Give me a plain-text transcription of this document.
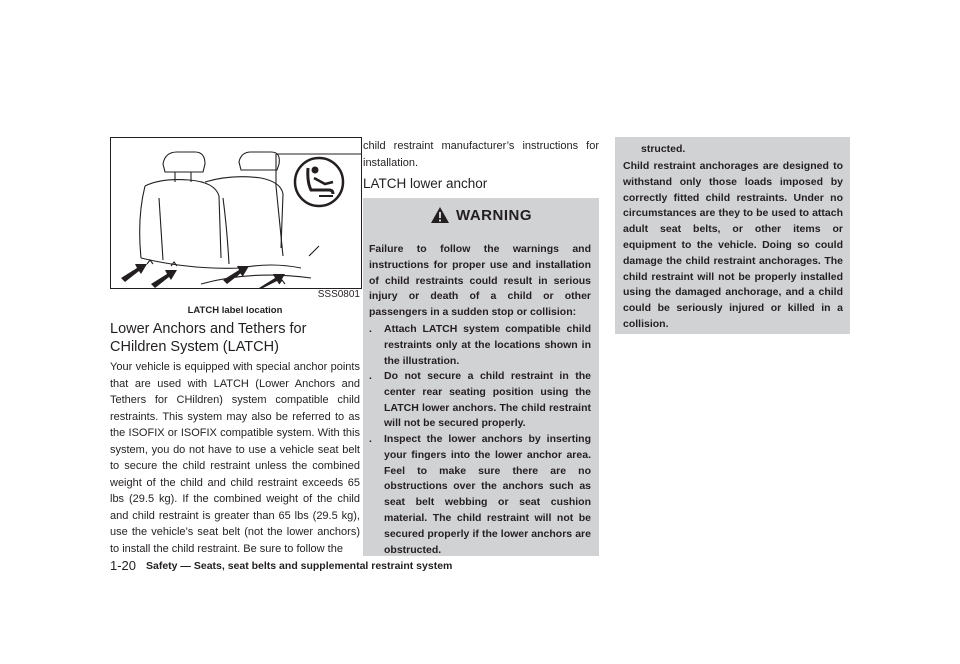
SSS0801
LATCH label location
Lower Anchors and Tethers for CHildren System (LATCH)
Your vehicle is equipped with special anchor points that are used with LATCH (Lower Anchors and Tethers for CHildren) system compatible child restraints. This system may also be referred to as the ISOFIX or ISOFIX compatible system. With this system, you do not have to use a vehicle seat belt to secure the child restraint unless the combined weight of the child and child restraint exceeds 65 lbs (29.5 kg). If the combined weight of the child and child restraint is greater than 65 lbs (29.5 kg), use the vehicle’s seat belt (not the lower anchors) to install the child restraint. Be sure to follow the
child restraint manufacturer’s instructions for installation.
LATCH lower anchor
WARNING
Failure to follow the warnings and instructions for proper use and installation of child restraints could result in serious injury or death of a child or other passengers in a sudden stop or collision:
. Attach LATCH system compatible child restraints only at the locations shown in the illustration.
. Do not secure a child restraint in the center rear seating position using the LATCH lower anchors. The child restraint will not be secured properly.
. Inspect the lower anchors by inserting your fingers into the lower anchor area. Feel to make sure there are no obstructions over the anchors such as seat belt webbing or seat cushion material. The child restraint will not be secured properly if the lower anchors are obstructed.
structed.
Child restraint anchorages are designed to withstand only those loads imposed by correctly fitted child restraints. Under no circumstances are they to be used to attach adult seat belts, or other items or equipment to the vehicle. Doing so could damage the child restraint anchorages. The child restraint will not be properly installed using the damaged anchorage, and a child could be seriously injured or killed in a collision.
1-20 Safety — Seats, seat belts and supplemental restraint system
